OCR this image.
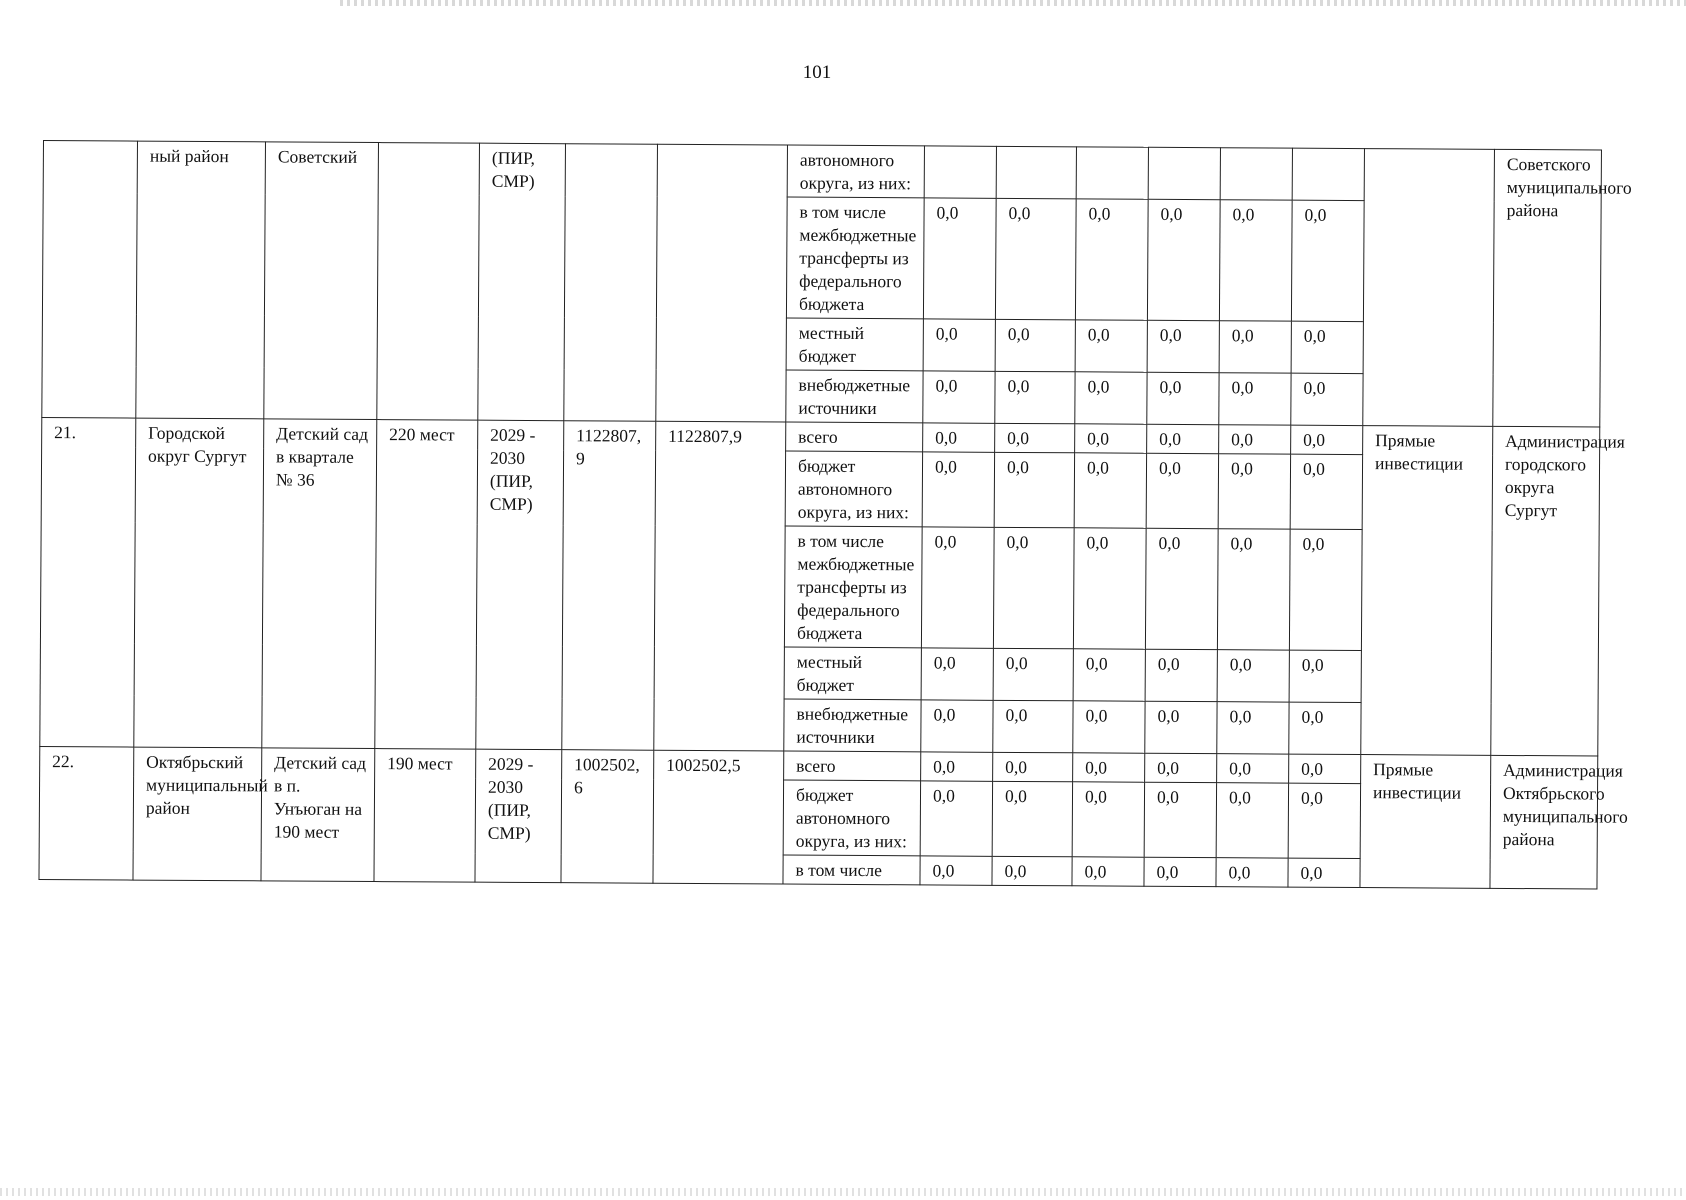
101
	ный район	Советский		(ПИР, СМР)			автономного округа, из них:								Советского муниципального района
							в том числе межбюджетные трансферты из федерального бюджета	0,0	0,0	0,0	0,0	0,0	0,0		
							местный бюджет	0,0	0,0	0,0	0,0	0,0	0,0		
							внебюджетные источники	0,0	0,0	0,0	0,0	0,0	0,0		
21.	Городской округ Сургут	Детский сад в квартале № 36	220 мест	2029 - 2030 (ПИР, СМР)	1122807,9	1122807,9	всего	0,0	0,0	0,0	0,0	0,0	0,0	Прямые инвестиции	Администрация городского округа Сургут
							бюджет автономного округа, из них:	0,0	0,0	0,0	0,0	0,0	0,0		
							в том числе межбюджетные трансферты из федерального бюджета	0,0	0,0	0,0	0,0	0,0	0,0		
							местный бюджет	0,0	0,0	0,0	0,0	0,0	0,0		
							внебюджетные источники	0,0	0,0	0,0	0,0	0,0	0,0		
22.	Октябрьский муниципальный район	Детский сад в п. Унъюган на 190 мест	190 мест	2029 - 2030 (ПИР, СМР)	1002502,6	1002502,5	всего	0,0	0,0	0,0	0,0	0,0	0,0	Прямые инвестиции	Администрация Октябрьского муниципального района
							бюджет автономного округа, из них:	0,0	0,0	0,0	0,0	0,0	0,0		
							в том числе	0,0	0,0	0,0	0,0	0,0	0,0		
